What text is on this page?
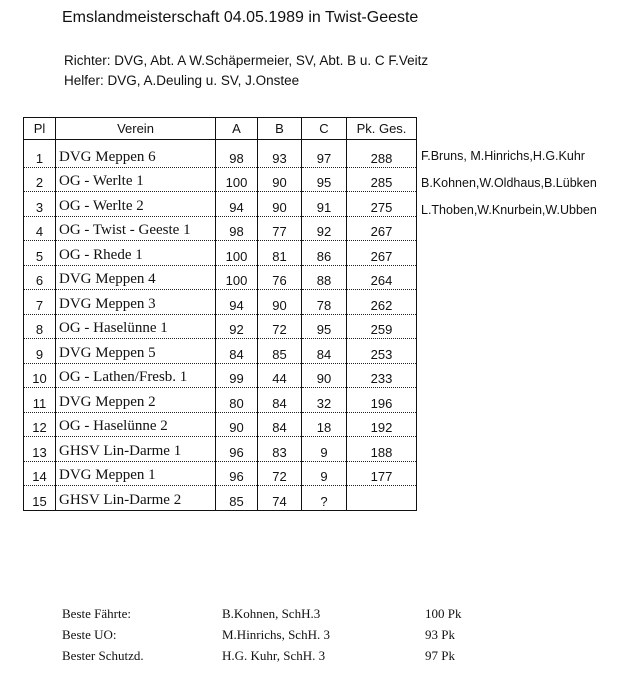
Emslandmeisterschaft 04.05.1989 in Twist-Geeste
Richter: DVG, Abt. A W.Schäpermeier, SV, Abt. B u. C F.Veitz
Helfer: DVG, A.Deuling u. SV, J.Onstee
Pl	Verein	A	B	C	Pk. Ges.

1	DVG Meppen 6	98	93	97	288
2	OG - Werlte 1	100	90	95	285
3	OG - Werlte 2	94	90	91	275
4	OG - Twist - Geeste 1	98	77	92	267
5	OG - Rhede 1	100	81	86	267
6	DVG Meppen 4	100	76	88	264
7	DVG Meppen 3	94	90	78	262
8	OG - Haselünne 1	92	72	95	259
9	DVG Meppen 5	84	85	84	253
10	OG - Lathen/Fresb. 1	99	44	90	233
11	DVG Meppen 2	80	84	32	196
12	OG - Haselünne 2	90	84	18	192
13	GHSV Lin-Darme 1	96	83	9	188
14	DVG Meppen 1	96	72	9	177
15	GHSV Lin-Darme 2	85	74	?	
F.Bruns, M.Hinrichs,H.G.Kuhr
B.Kohnen,W.Oldhaus,B.Lübken
L.Thoben,W.Knurbein,W.Ubben
Beste Fährte:	B.Kohnen, SchH.3	100 Pk
Beste UO:	M.Hinrichs, SchH. 3	93 Pk
Bester Schutzd.	H.G. Kuhr, SchH. 3	97 Pk
